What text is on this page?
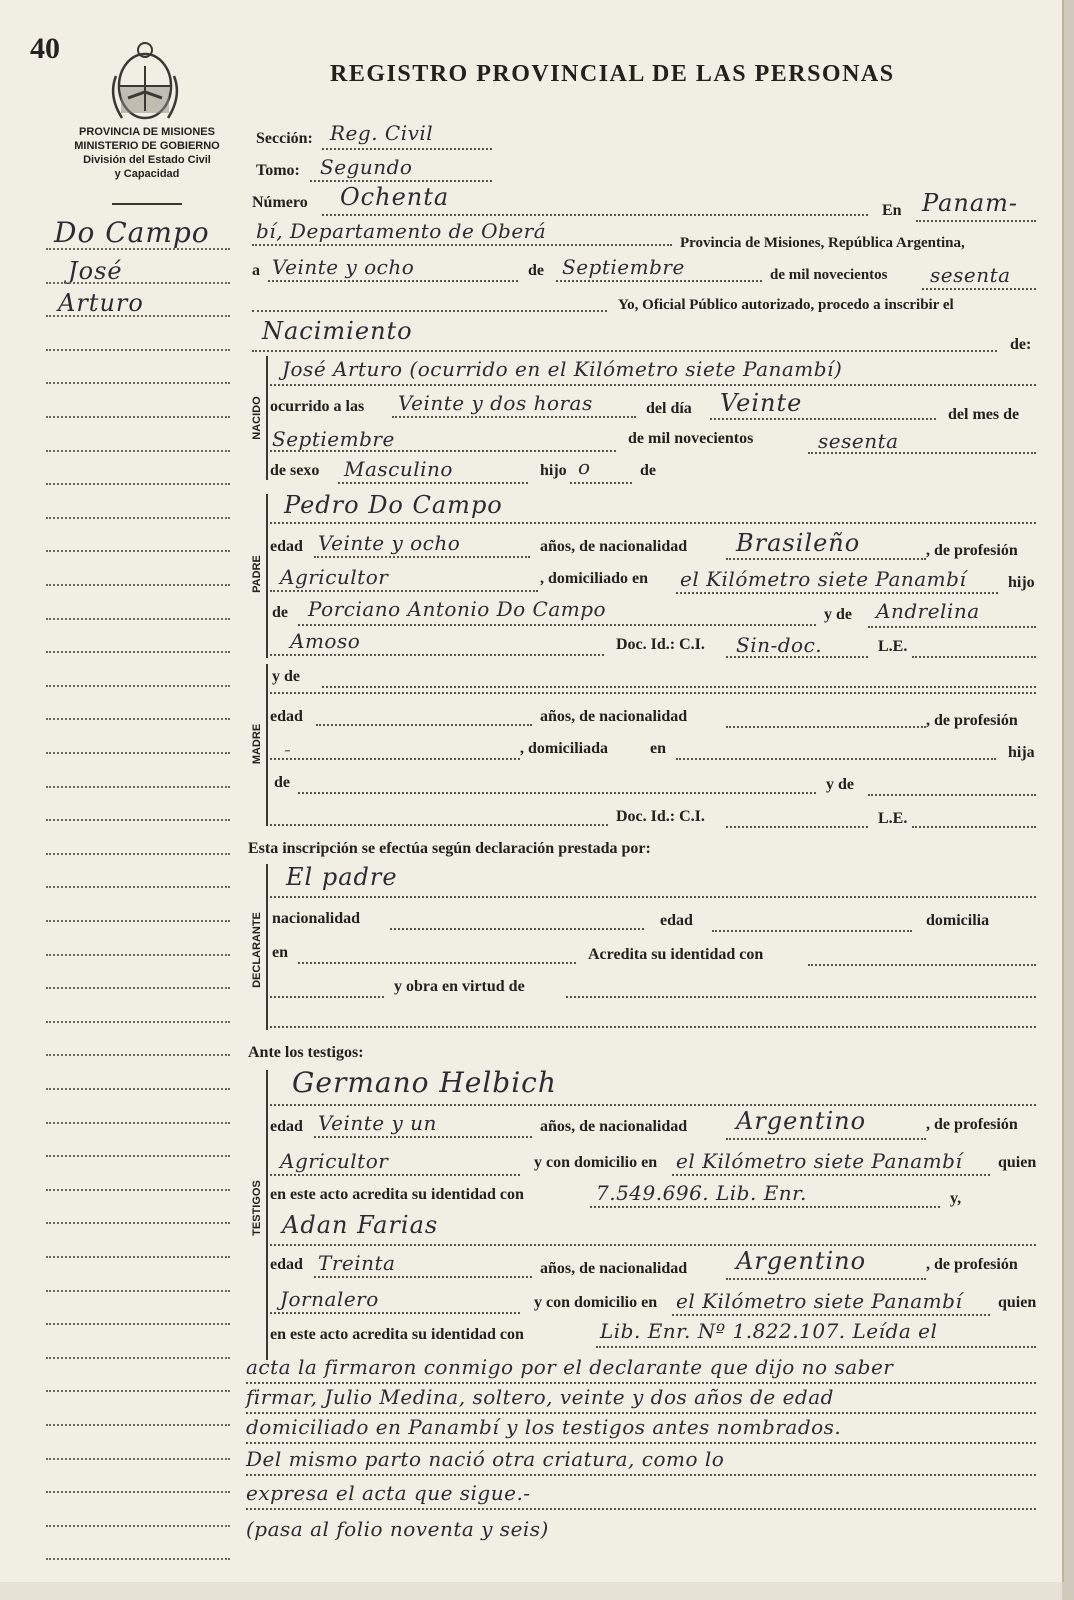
40
REGISTRO PROVINCIAL DE LAS PERSONAS
PROVINCIA DE MISIONES
MINISTERIO DE GOBIERNO
División del Estado Civil
y Capacidad
Do Campo
José
Arturo
Sección: Reg. Civil
Tomo: Segundo
Número Ochenta	En Panam-
bí, Departamento de Oberá	Provincia de Misiones, República Argentina,
a Veinte y ocho	de Septiembre	de mil novecientos sesenta
Yo, Oficial Público autorizado, procedo a inscribir el
Nacimiento	de:
NACIDO
José Arturo (ocurrido en el Kilómetro siete Panambí)
ocurrido a las Veinte y dos horas	del día Veinte	del mes de
Septiembre	de mil novecientos	sesenta
de sexo Masculino	hijo o	de
PADRE
Pedro Do Campo
edad Veinte y ocho	años, de nacionalidad Brasileño	, de profesión
Agricultor	, domiciliado en el Kilómetro siete Panambí	hijo
de Porciano Antonio Do Campo	y de Andrelina
Amoso	Doc. Id.: C.I. Sin-doc.	L.E.
MADRE
y de
edad	años, de nacionalidad	, de profesión
-	, domiciliada	en	hija
de	y de
Doc. Id.: C.I.	L.E.
Esta inscripción se efectúa según declaración prestada por:
DECLARANTE
El padre
nacionalidad	edad	domicilia
en	Acredita su identidad con
y obra en virtud de
Ante los testigos:
TESTIGOS
Germano Helbich
edad Veinte y un	años, de nacionalidad Argentino	, de profesión
Agricultor	y con domicilio en el Kilómetro siete Panambí quien
en este acto acredita su identidad con	7.549.696. Lib. Enr.	y,
Adan Farias
edad Treinta	años, de nacionalidad Argentino	, de profesión
Jornalero	y con domicilio en el Kilómetro siete Panambí quien
en este acto acredita su identidad con	Lib. Enr. Nº 1.822.107. Leída el
acta la firmaron conmigo por el declarante que dijo no saber
firmar, Julio Medina, soltero, veinte y dos años de edad
domiciliado en Panambí y los testigos antes nombrados.
Del mismo parto nació otra criatura, como lo
expresa el acta que sigue.-
(pasa al folio noventa y seis)
